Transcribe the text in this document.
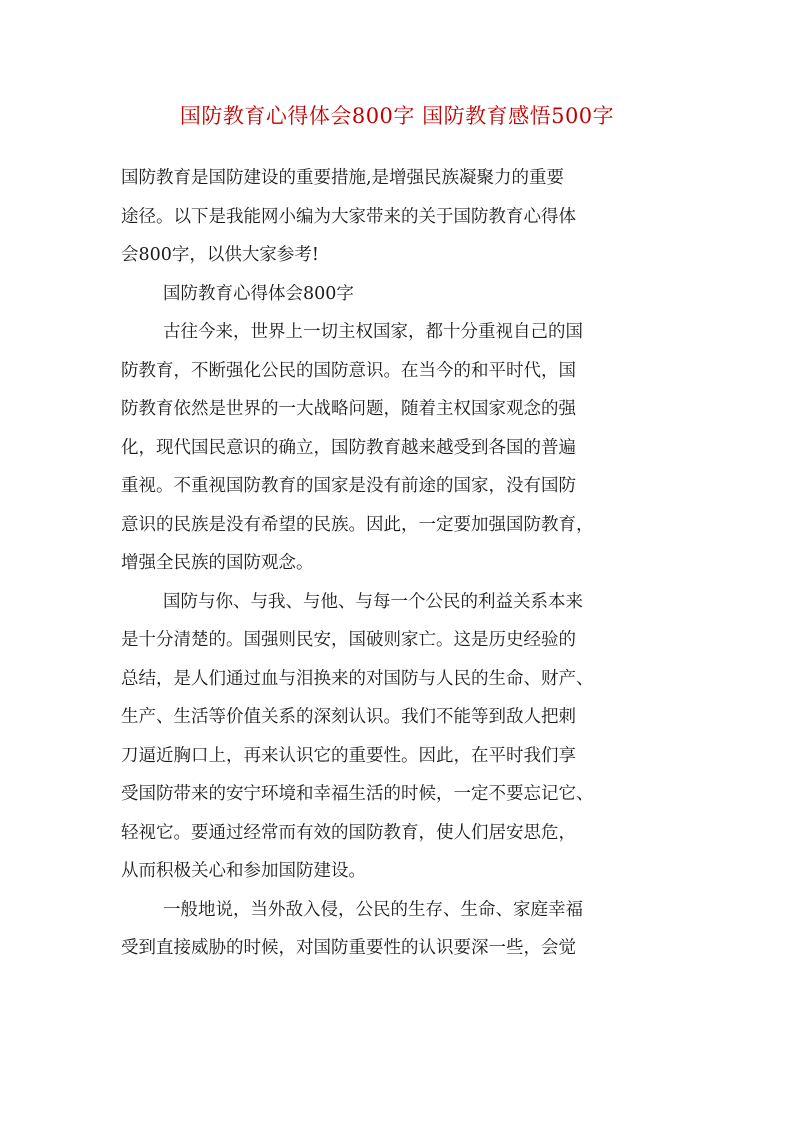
国防教育心得体会800字 国防教育感悟500字

国防教育是国防建设的重要措施,是增强民族凝聚力的重要
途径。以下是我能网小编为大家带来的关于国防教育心得体
会800字，以供大家参考!

国防教育心得体会800字

古往今来，世界上一切主权国家，都十分重视自己的国
防教育，不断强化公民的国防意识。在当今的和平时代，国
防教育依然是世界的一大战略问题，随着主权国家观念的强
化，现代国民意识的确立，国防教育越来越受到各国的普遍
重视。不重视国防教育的国家是没有前途的国家，没有国防
意识的民族是没有希望的民族。因此，一定要加强国防教育，
增强全民族的国防观念。

国防与你、与我、与他、与每一个公民的利益关系本来
是十分清楚的。国强则民安，国破则家亡。这是历史经验的
总结，是人们通过血与泪换来的对国防与人民的生命、财产、
生产、生活等价值关系的深刻认识。我们不能等到敌人把刺
刀逼近胸口上，再来认识它的重要性。因此，在平时我们享
受国防带来的安宁环境和幸福生活的时候，一定不要忘记它、
轻视它。要通过经常而有效的国防教育，使人们居安思危，
从而积极关心和参加国防建设。

一般地说，当外敌入侵，公民的生存、生命、家庭幸福
受到直接威胁的时候，对国防重要性的认识要深一些，会觉
